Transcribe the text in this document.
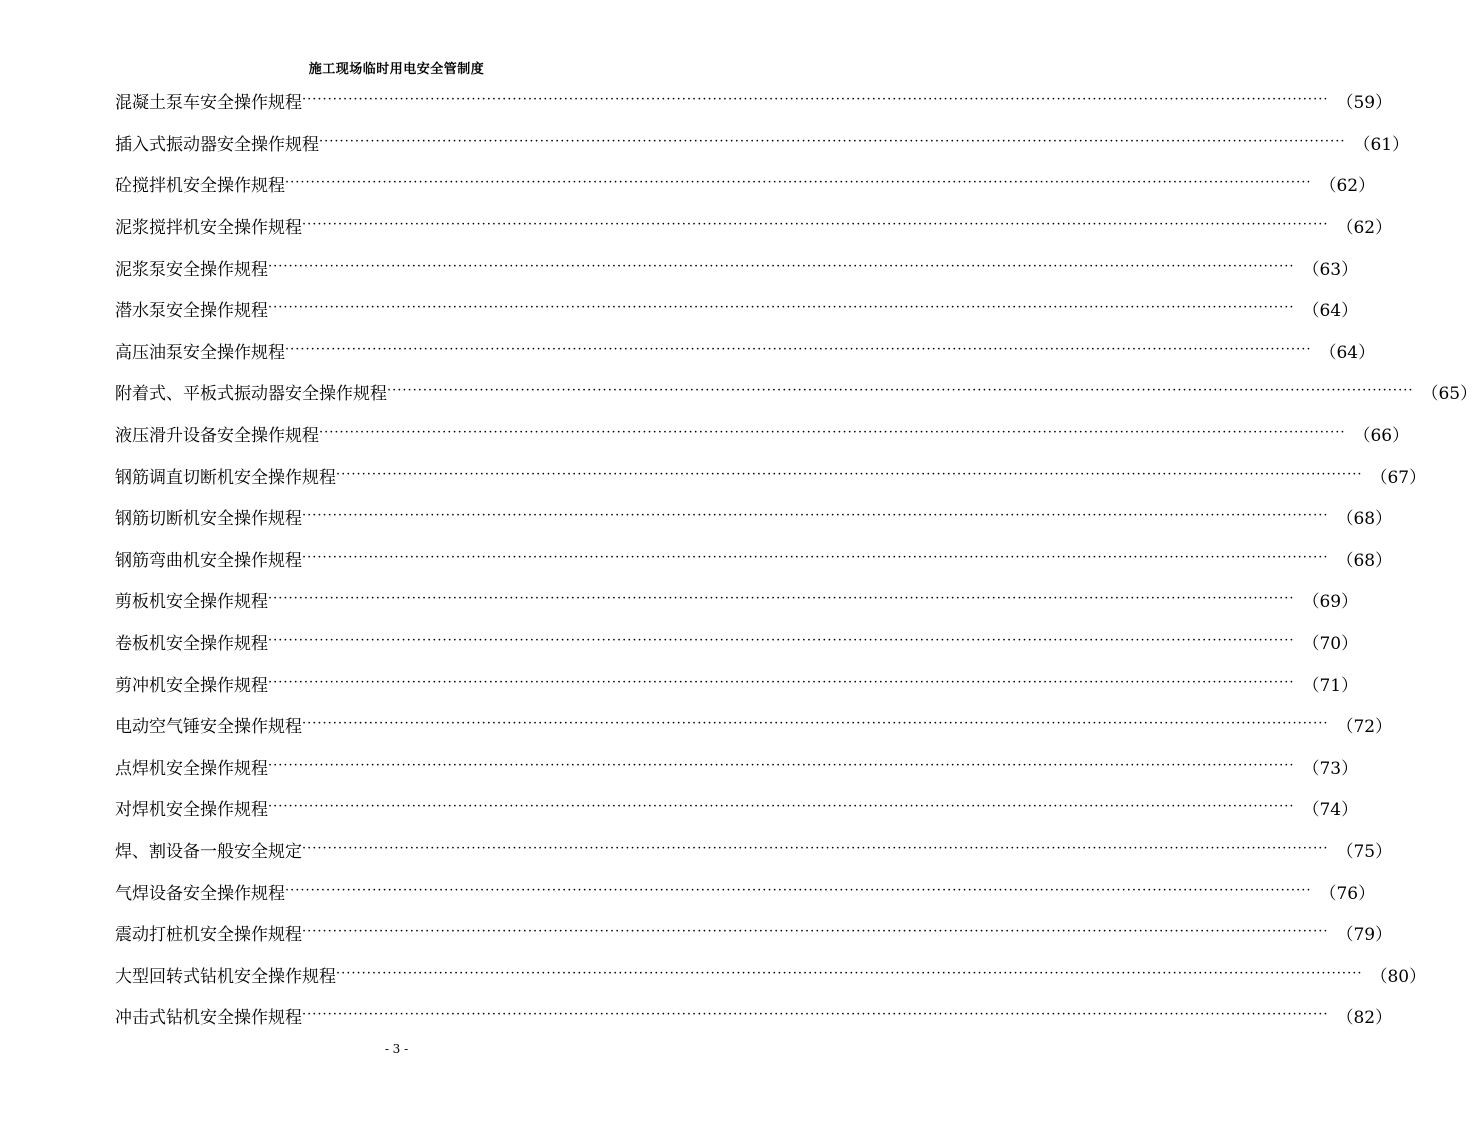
施工现场临时用电安全管制度
混凝土泵车安全操作规程 ········································································································································································································ （59）
插入式振动器安全操作规程 ········································································································································································································ （61）
砼搅拌机安全操作规程 ········································································································································································································ （62）
泥浆搅拌机安全操作规程 ········································································································································································································ （62）
泥浆泵安全操作规程 ········································································································································································································ （63）
潜水泵安全操作规程 ········································································································································································································ （64）
高压油泵安全操作规程 ········································································································································································································ （64）
附着式、平板式振动器安全操作规程 ········································································································································································································ （65）
液压滑升设备安全操作规程 ········································································································································································································ （66）
钢筋调直切断机安全操作规程 ········································································································································································································ （67）
钢筋切断机安全操作规程 ········································································································································································································ （68）
钢筋弯曲机安全操作规程 ········································································································································································································ （68）
剪板机安全操作规程 ········································································································································································································ （69）
卷板机安全操作规程 ········································································································································································································ （70）
剪冲机安全操作规程 ········································································································································································································ （71）
电动空气锤安全操作规程 ········································································································································································································ （72）
点焊机安全操作规程 ········································································································································································································ （73）
对焊机安全操作规程 ········································································································································································································ （74）
焊、割设备一般安全规定 ········································································································································································································ （75）
气焊设备安全操作规程 ········································································································································································································ （76）
震动打桩机安全操作规程 ········································································································································································································ （79）
大型回转式钻机安全操作规程 ········································································································································································································ （80）
冲击式钻机安全操作规程 ········································································································································································································ （82）
- 3 -
